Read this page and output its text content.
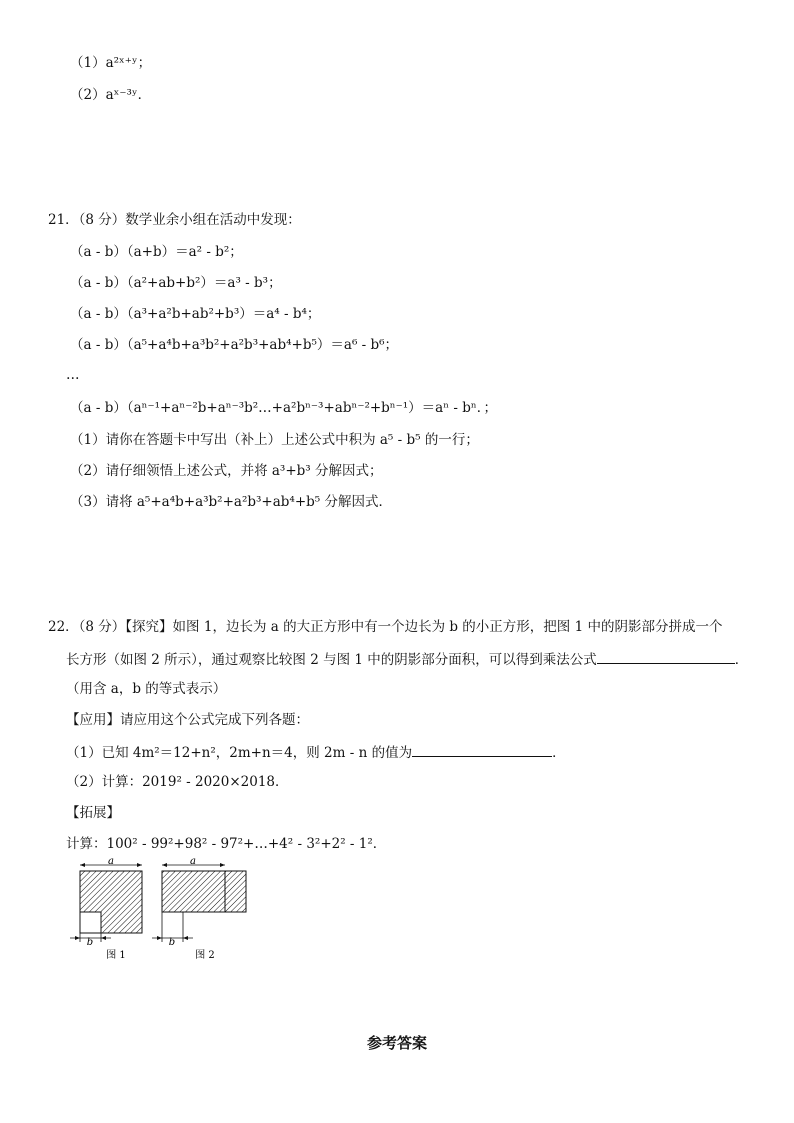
（1）a²ˣ⁺ʸ；
（2）aˣ⁻³ʸ．
21．（8 分）数学业余小组在活动中发现：
（a - b）（a+b）＝a² - b²；
（a - b）（a²+ab+b²）＝a³ - b³；
（a - b）（a³+a²b+ab²+b³）＝a⁴ - b⁴；
（a - b）（a⁵+a⁴b+a³b²+a²b³+ab⁴+b⁵）＝a⁶ - b⁶；
…
（a - b）（aⁿ⁻¹+aⁿ⁻²b+aⁿ⁻³b²…+a²bⁿ⁻³+abⁿ⁻²+bⁿ⁻¹）＝aⁿ - bⁿ．；
（1）请你在答题卡中写出（补上）上述公式中积为 a⁵ - b⁵ 的一行；
（2）请仔细领悟上述公式，并将 a³+b³ 分解因式；
（3）请将 a⁵+a⁴b+a³b²+a²b³+ab⁴+b⁵ 分解因式．
22．（8 分）【探究】如图 1，边长为 a 的大正方形中有一个边长为 b 的小正方形，把图 1 中的阴影部分拼成一个
长方形（如图 2 所示），通过观察比较图 2 与图 1 中的阴影部分面积，可以得到乘法公式	．
（用含 a，b 的等式表示）
【应用】请应用这个公式完成下列各题：
（1）已知 4m²＝12+n²，2m+n＝4，则 2m - n 的值为	．
（2）计算：2019² - 2020×2018．
【拓展】
计算：100² - 99²+98² - 97²+…+4² - 3²+2² - 1²．
a
b
图 1
a
b
图 2
参考答案
